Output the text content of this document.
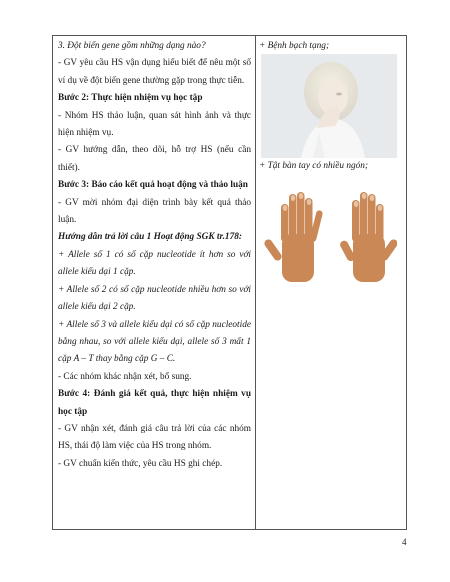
3. Đột biến gene gồm những dạng nào?

- GV yêu cầu HS vận dụng hiểu biết để nêu một số ví dụ về đột biến gene thường gặp trong thực tiễn.

Bước 2: Thực hiện nhiệm vụ học tập

- Nhóm HS thảo luận, quan sát hình ảnh và thực hiện nhiệm vụ.

- GV hướng dẫn, theo dõi, hỗ trợ HS (nếu cần thiết).

Bước 3: Báo cáo kết quả hoạt động và thảo luận

- GV mời nhóm đại diện trình bày kết quả thảo luận.

Hướng dẫn trả lời câu 1 Hoạt động SGK tr.178:

+ Allele số 1 có số cặp nucleotide ít hơn so với allele kiểu dại 1 cặp.

+ Allele số 2 có số cặp nucleotide nhiều hơn so với allele kiểu dại 2 cặp.

+ Allele số 3 và allele kiểu dại có số cặp nucleotide bằng nhau, so với allele kiểu dại, allele số 3 mất 1 cặp A – T thay bằng cặp G – C.

- Các nhóm khác nhận xét, bổ sung.

Bước 4: Đánh giá kết quả, thực hiện nhiệm vụ học tập

- GV nhận xét, đánh giá câu trả lời của các nhóm HS, thái độ làm việc của HS trong nhóm.

- GV chuẩn kiến thức, yêu cầu HS ghi chép.

+ Bệnh bạch tạng;

+ Tật bàn tay có nhiều ngón;

4
